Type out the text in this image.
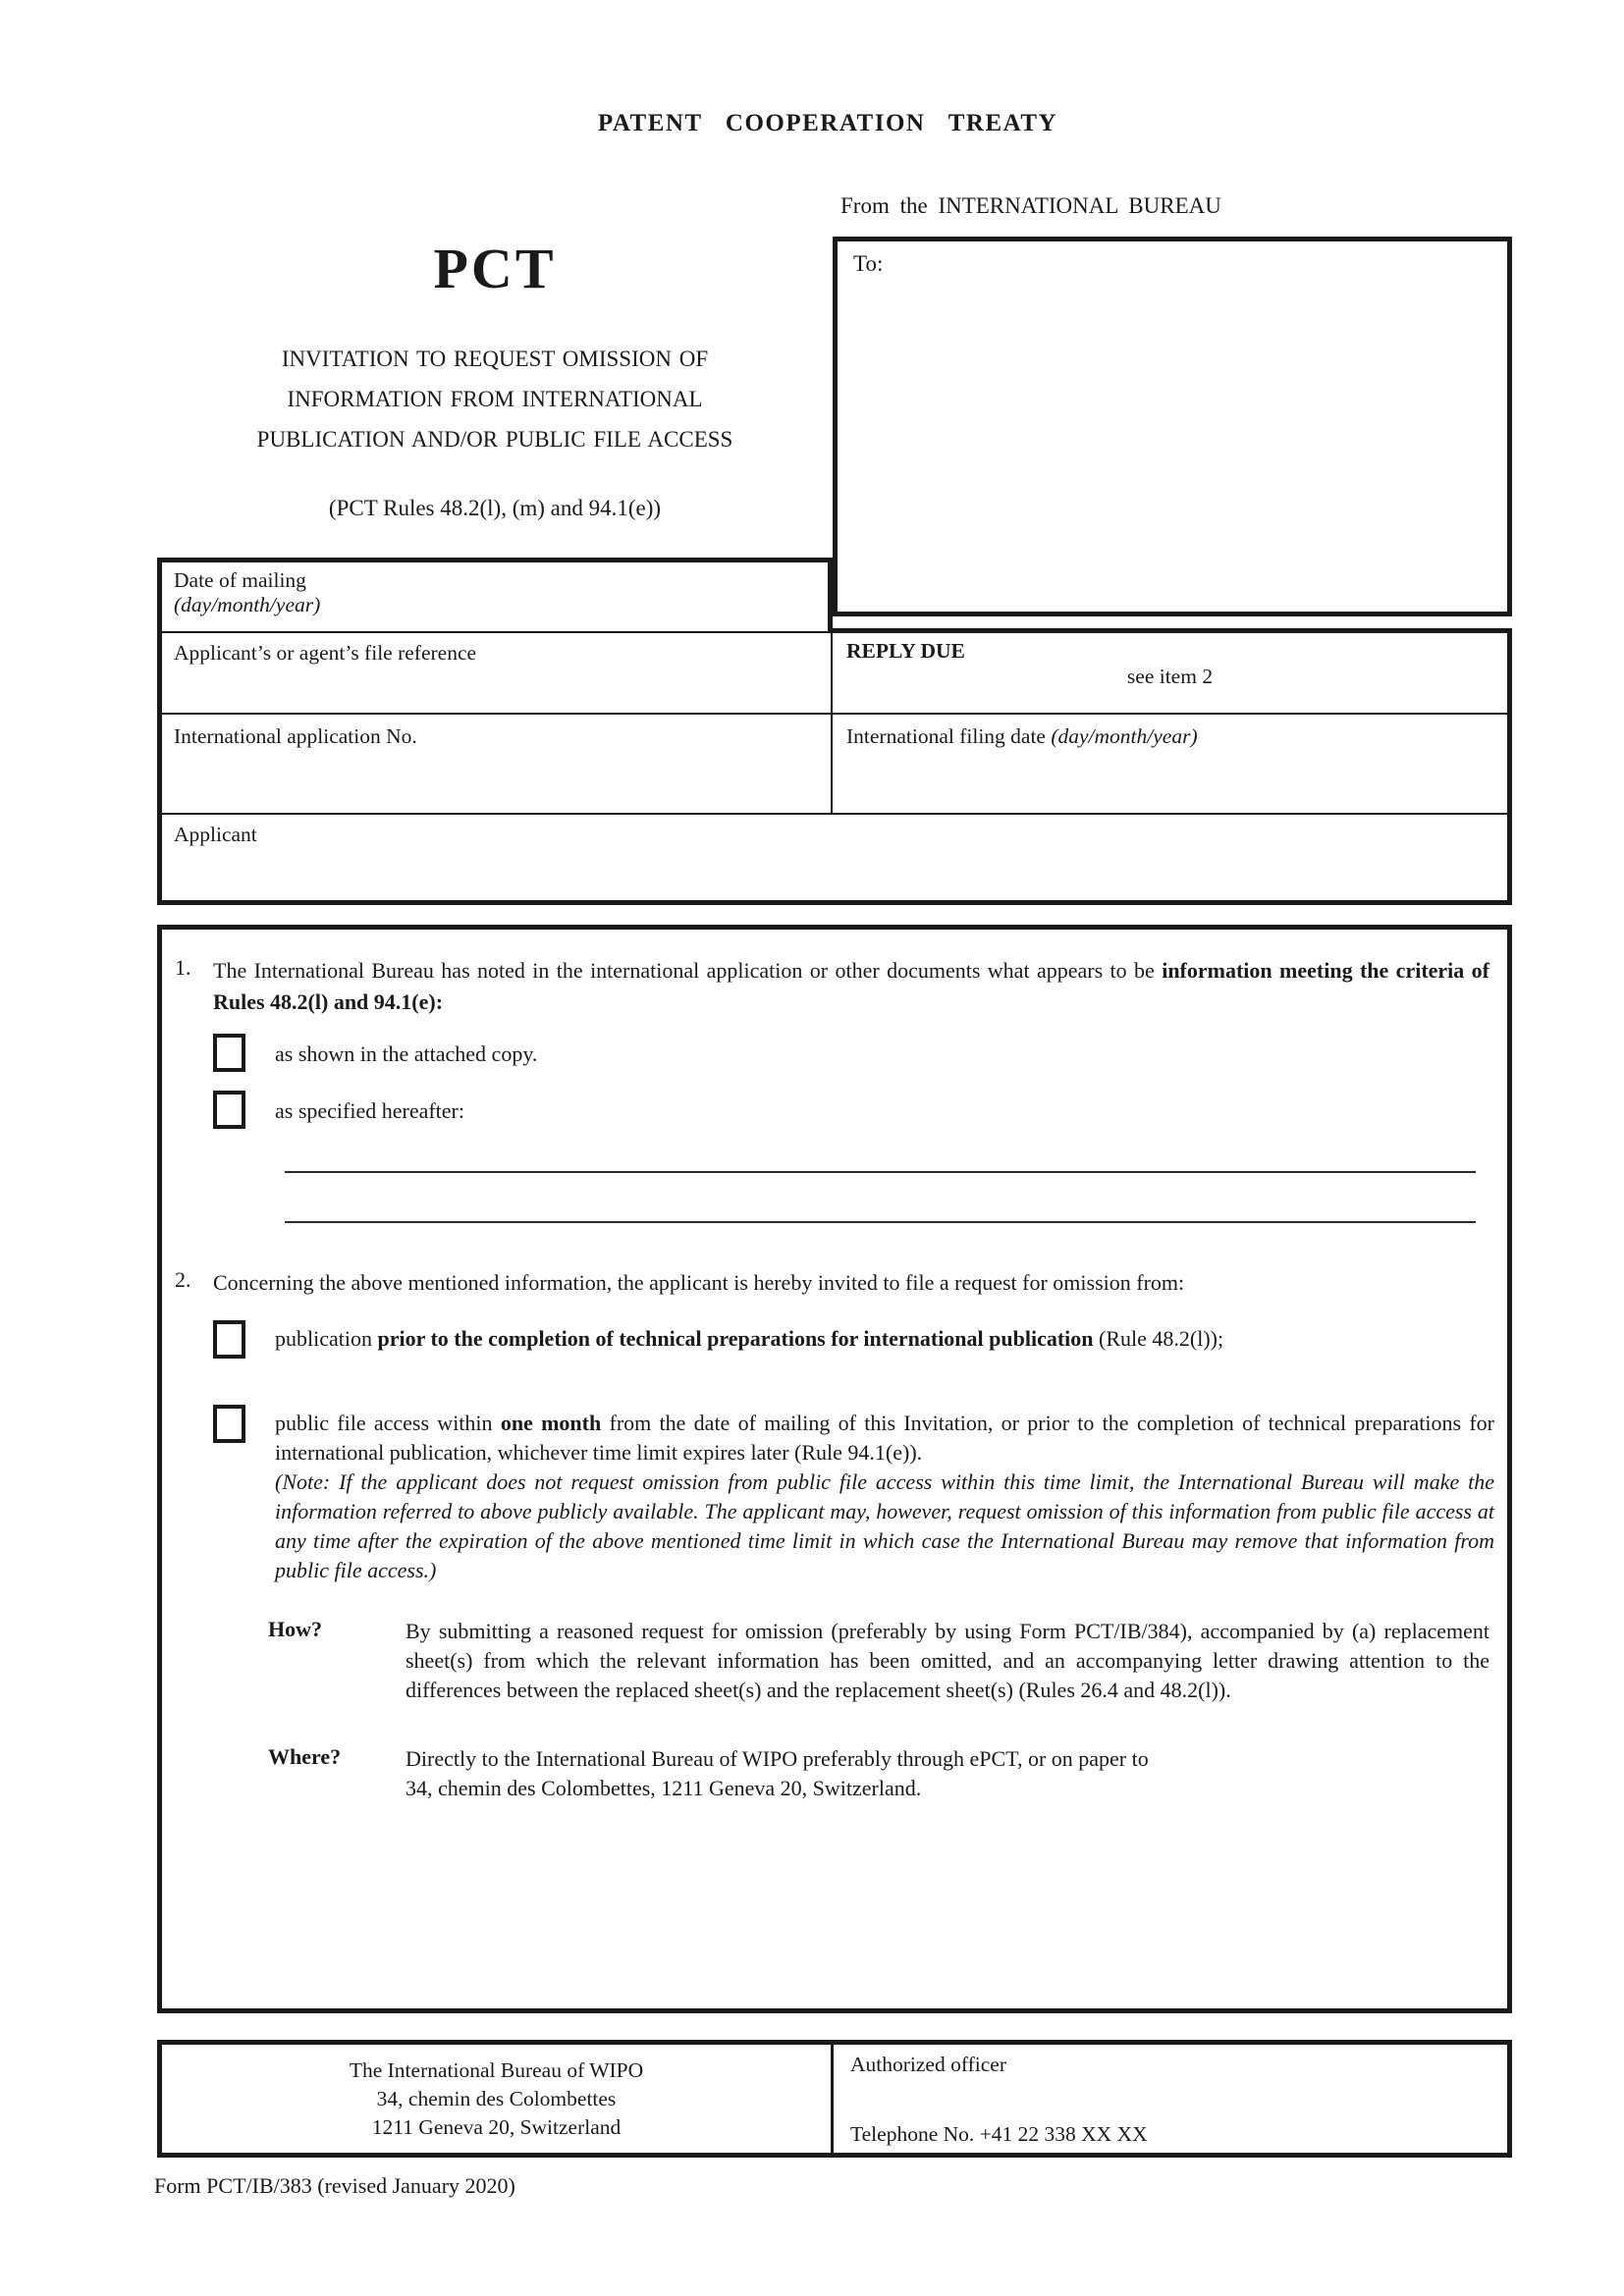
PATENT COOPERATION TREATY
From the INTERNATIONAL BUREAU
To:
PCT
INVITATION TO REQUEST OMISSION OF
INFORMATION FROM INTERNATIONAL
PUBLICATION AND/OR PUBLIC FILE ACCESS
(PCT Rules 48.2(l), (m) and 94.1(e))
Date of mailing
(day/month/year)
Applicant’s or agent’s file reference	REPLY DUE
see item 2
International application No.	International filing date (day/month/year)
Applicant
1. The International Bureau has noted in the international application or other documents what appears to be information meeting the criteria of Rules 48.2(l) and 94.1(e):

as shown in the attached copy.
as specified hereafter:
2. Concerning the above mentioned information, the applicant is hereby invited to file a request for omission from:

publication prior to the completion of technical preparations for international publication (Rule 48.2(l));

public file access within one month from the date of mailing of this Invitation, or prior to the completion of technical preparations for international publication, whichever time limit expires later (Rule 94.1(e)).

(Note: If the applicant does not request omission from public file access within this time limit, the International Bureau will make the information referred to above publicly available. The applicant may, however, request omission of this information from public file access at any time after the expiration of the above mentioned time limit in which case the International Bureau may remove that information from public file access.)

How?	By submitting a reasoned request for omission (preferably by using Form PCT/IB/384), accompanied by (a) replacement sheet(s) from which the relevant information has been omitted, and an accompanying letter drawing attention to the differences between the replaced sheet(s) and the replacement sheet(s) (Rules 26.4 and 48.2(l)).
Where?	Directly to the International Bureau of WIPO preferably through ePCT, or on paper to
34, chemin des Colombettes, 1211 Geneva 20, Switzerland.
The International Bureau of WIPO
34, chemin des Colombettes
1211 Geneva 20, Switzerland
Authorized officer
Telephone No. +41 22 338 XX XX
Form PCT/IB/383 (revised January 2020)
